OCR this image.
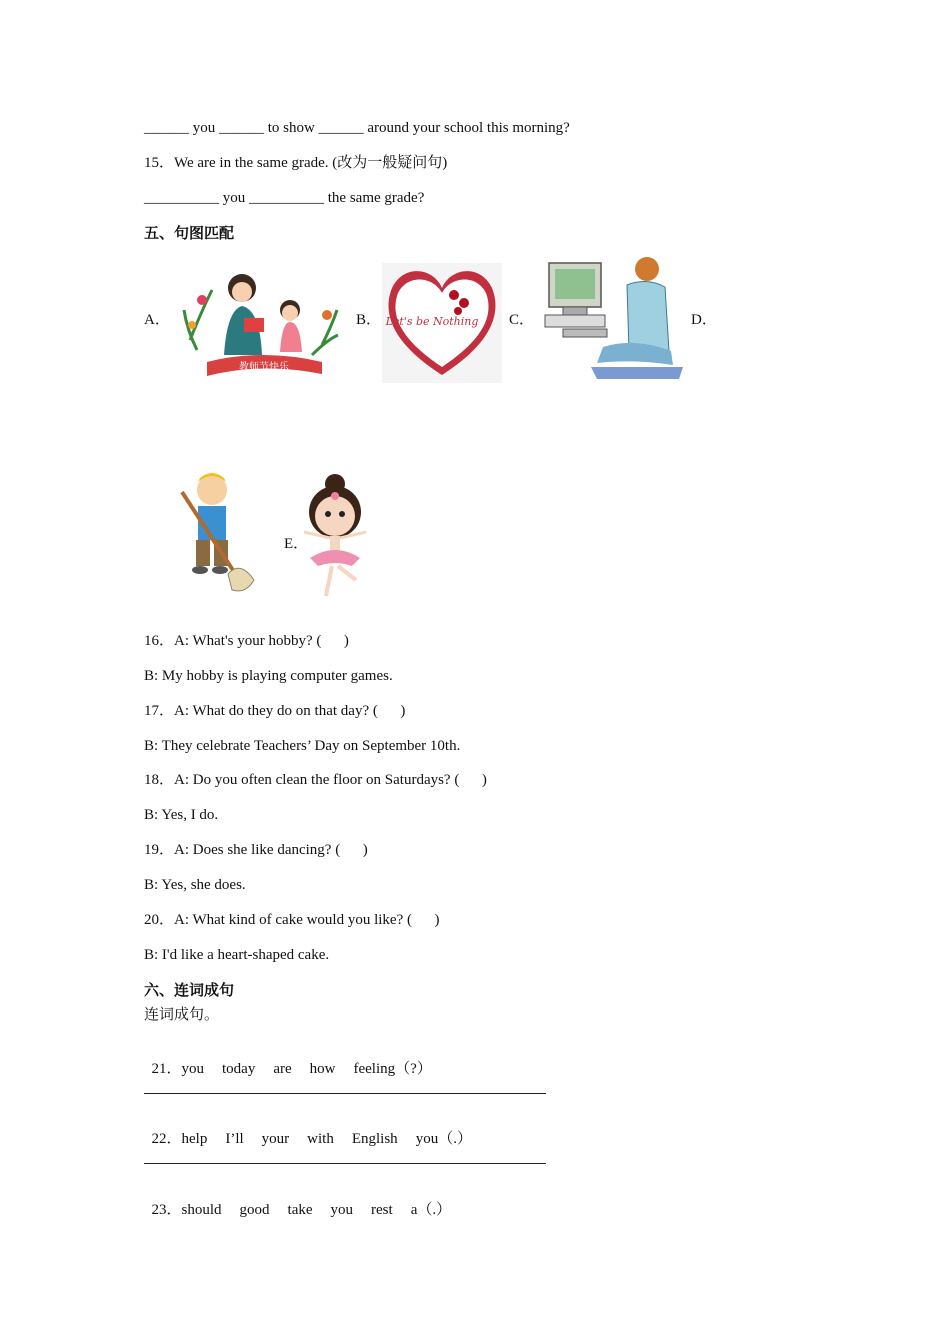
______ you ______ to show ______ around your school this morning?
15．We are in the same grade. (改为一般疑问句)
__________ you __________ the same grade?
五、句图匹配
A．	B．	C．	D．
E．
教师节快乐
Let's be Nothing
16．A: What's your hobby? (      )
B: My hobby is playing computer games.
17．A: What do they do on that day? (      )
B: They celebrate Teachers’ Day on September 10th.
18．A: Do you often clean the floor on Saturdays? (      )
B: Yes, I do.
19．A: Does she like dancing? (      )
B: Yes, she does.
20．A: What kind of cake would you like? (      )
B: I'd like a heart-shaped cake.
六、连词成句
连词成句。

21．you today are how feeling（?）

22．help I’ll your with English you（.）

23．should good take you rest a（.）
